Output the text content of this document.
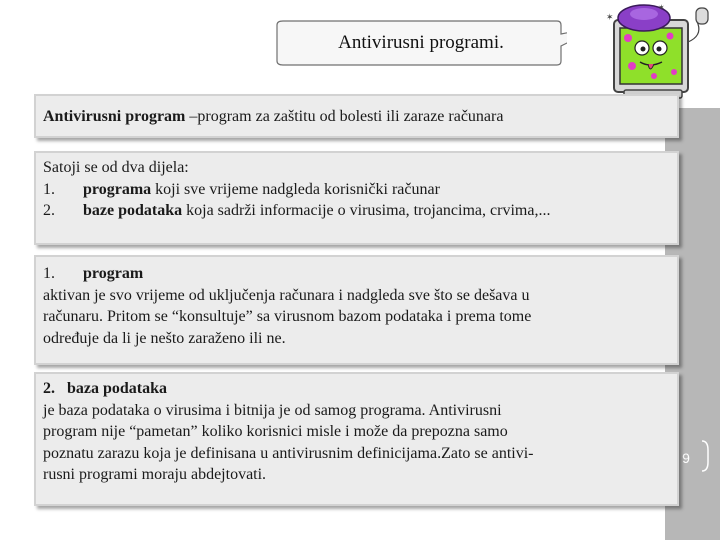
9
Antivirusni programi.
✶
✶
Antivirusni program –program za zaštitu od bolesti ili zaraze računara
Satoji se od dva dijela:
1. programa koji sve vrijeme nadgleda korisnički računar
2. baze podataka koja sadrži informacije o virusima, trojancima, crvima,...
1. program
aktivan je svo vrijeme od uključenja računara i nadgleda sve što se dešava u
računaru. Pritom se “konsultuje” sa virusnom bazom podataka i prema tome
određuje da li je nešto zaraženo ili ne.
2. baza podataka
je baza podataka o virusima i bitnija je od samog programa. Antivirusni
program nije “pametan” koliko korisnici misle i može da prepozna samo
poznatu zarazu koja je definisana u antivirusnim definicijama.Zato se antivi-
rusni programi moraju abdejtovati.
